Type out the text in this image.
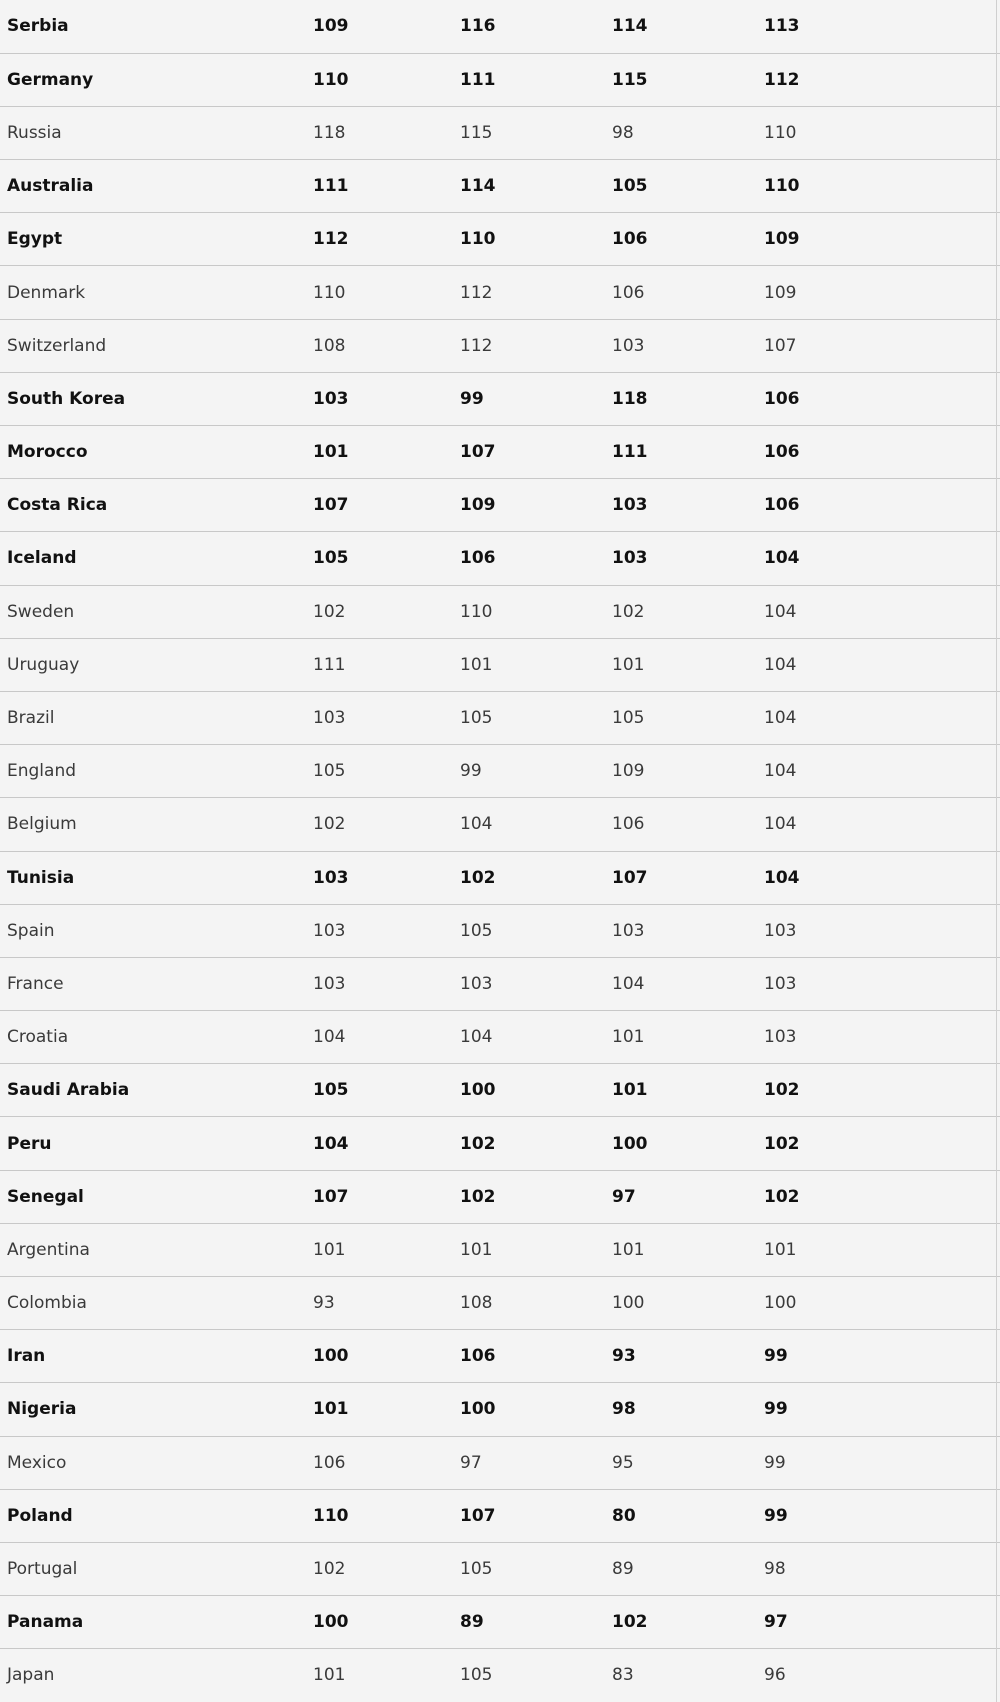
Serbia	109	116	114	113
Germany	110	111	115	112
Russia	118	115	98	110
Australia	111	114	105	110
Egypt	112	110	106	109
Denmark	110	112	106	109
Switzerland	108	112	103	107
South Korea	103	99	118	106
Morocco	101	107	111	106
Costa Rica	107	109	103	106
Iceland	105	106	103	104
Sweden	102	110	102	104
Uruguay	111	101	101	104
Brazil	103	105	105	104
England	105	99	109	104
Belgium	102	104	106	104
Tunisia	103	102	107	104
Spain	103	105	103	103
France	103	103	104	103
Croatia	104	104	101	103
Saudi Arabia	105	100	101	102
Peru	104	102	100	102
Senegal	107	102	97	102
Argentina	101	101	101	101
Colombia	93	108	100	100
Iran	100	106	93	99
Nigeria	101	100	98	99
Mexico	106	97	95	99
Poland	110	107	80	99
Portugal	102	105	89	98
Panama	100	89	102	97
Japan	101	105	83	96
